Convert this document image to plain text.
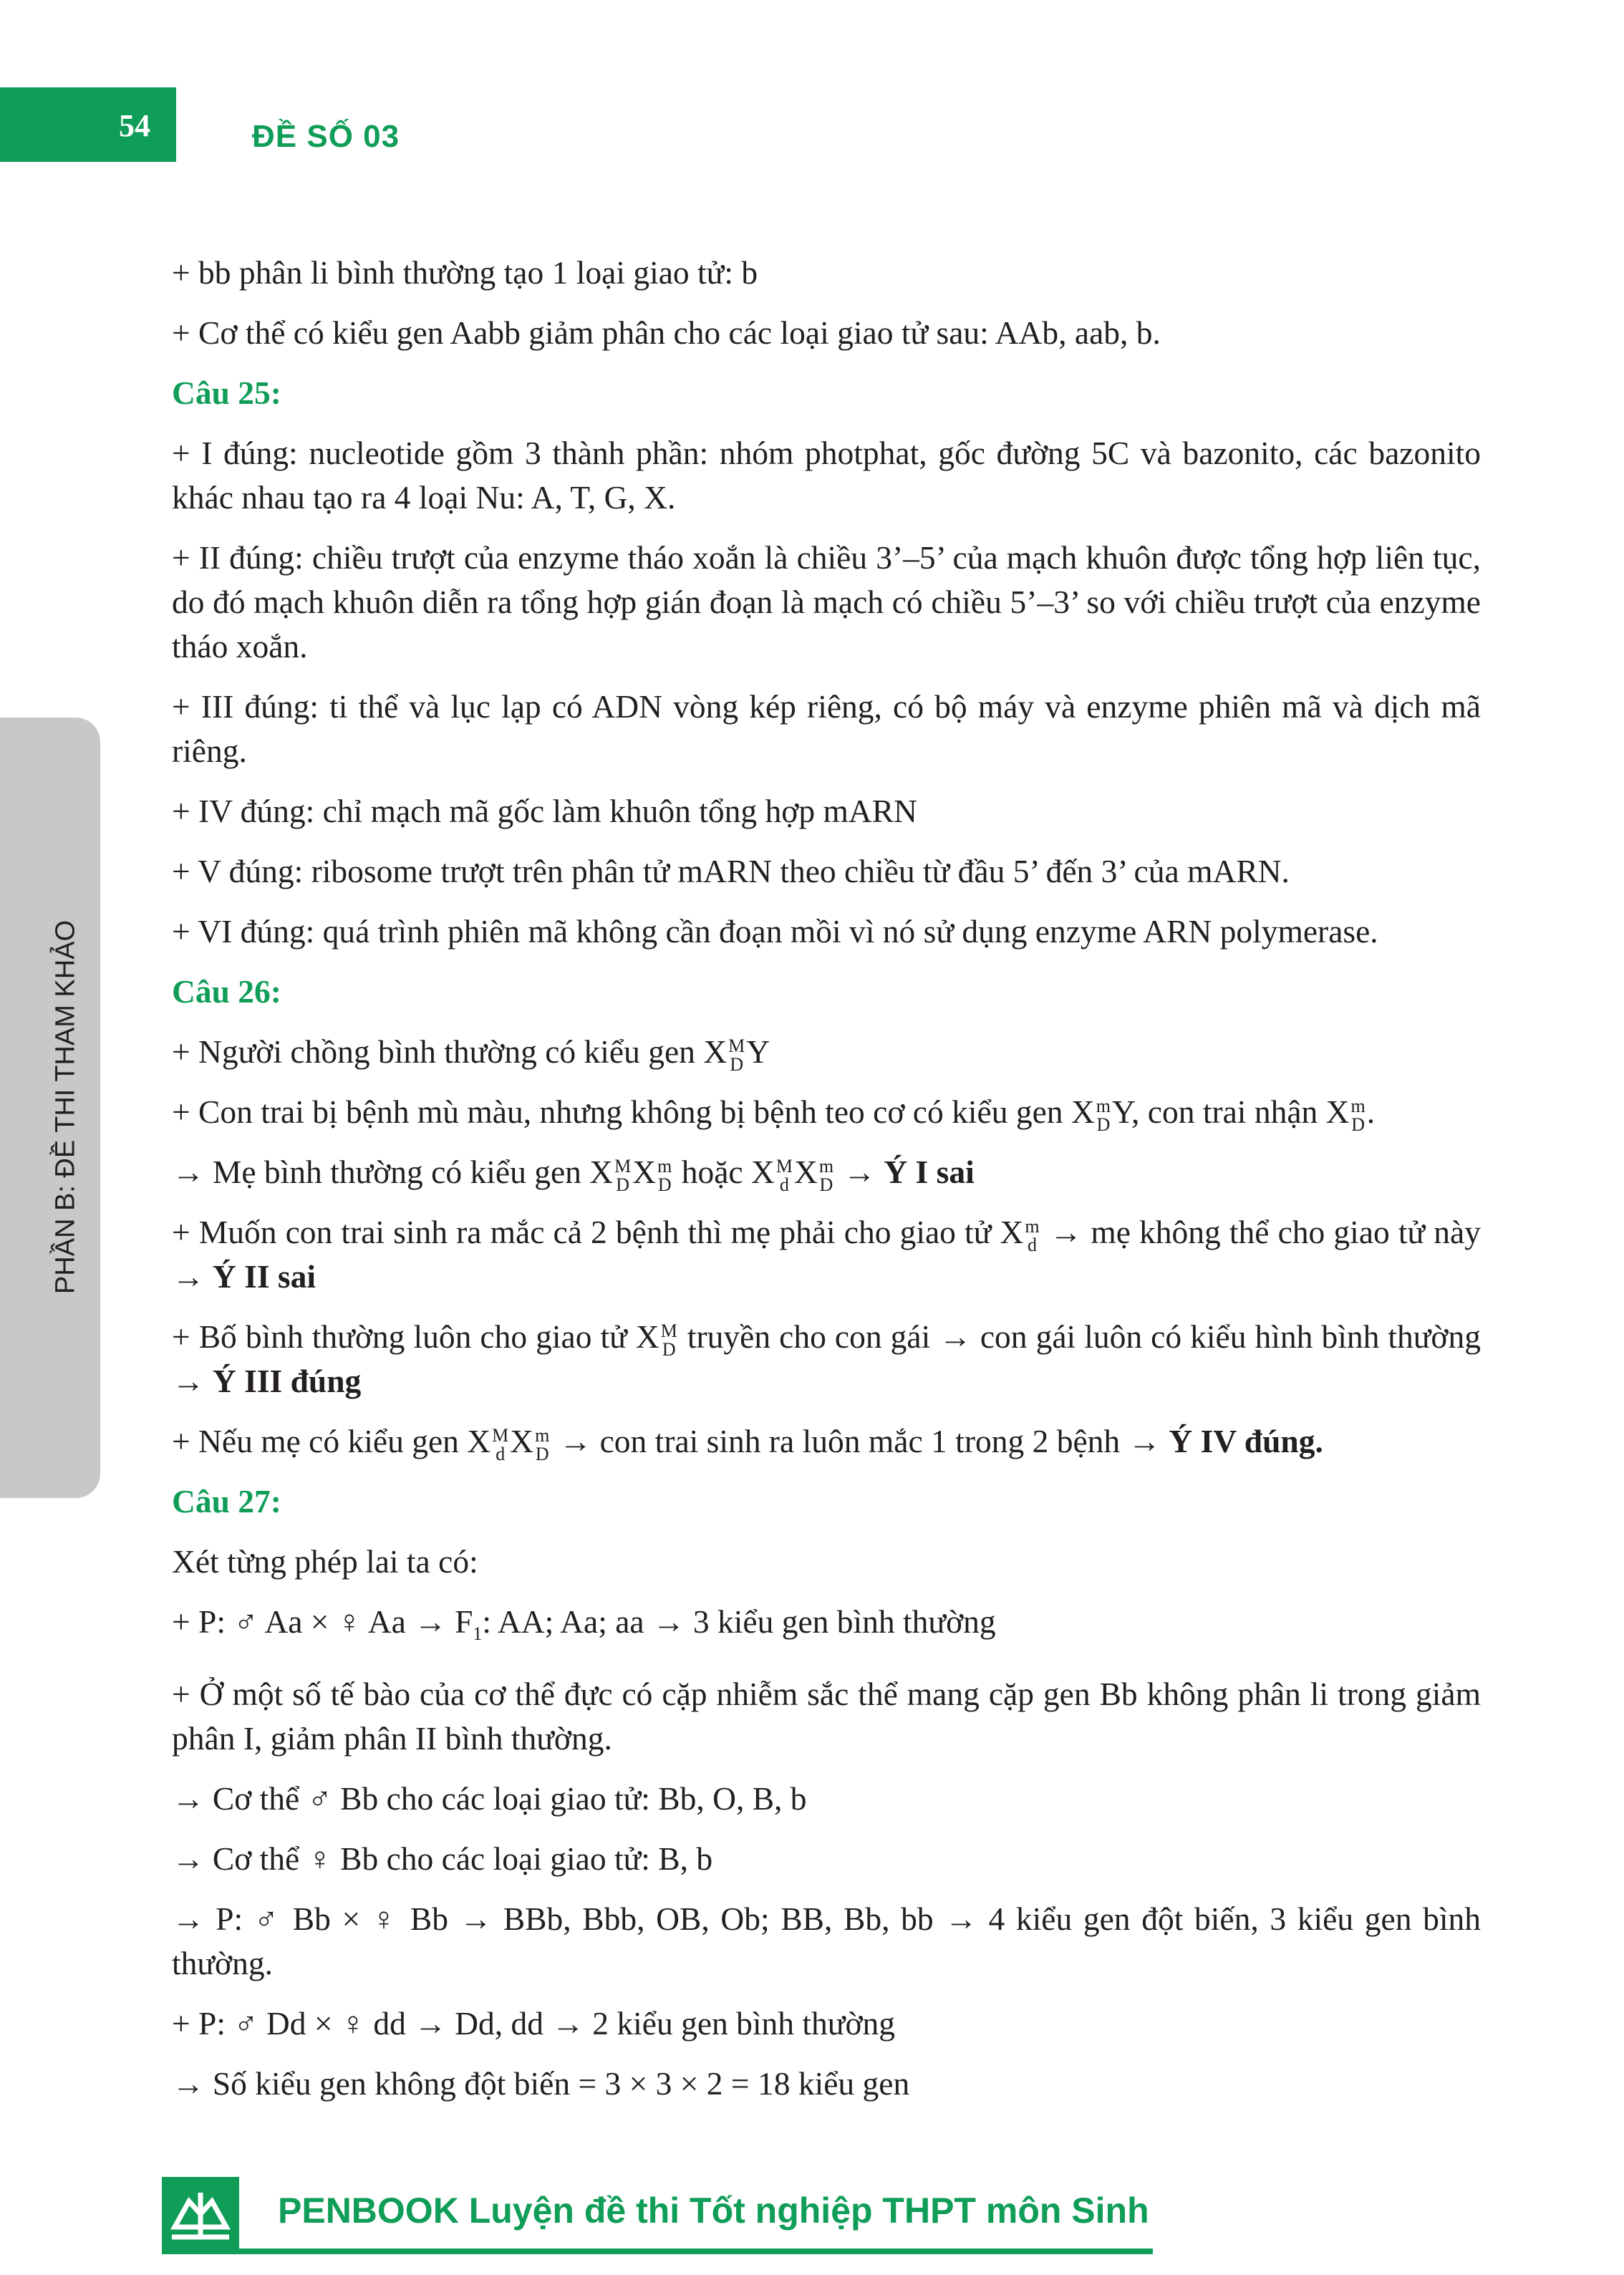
54	ĐỀ SỐ 03
PHẦN B: ĐỀ THI THAM KHẢO

+ bb phân li bình thường tạo 1 loại giao tử: b

+ Cơ thể có kiểu gen Aabb giảm phân cho các loại giao tử sau: AAb, aab, b.

Câu 25:

+ I đúng: nucleotide gồm 3 thành phần: nhóm photphat, gốc đường 5C và bazonito, các bazonito khác nhau tạo ra 4 loại Nu: A, T, G, X.

+ II đúng: chiều trượt của enzyme tháo xoắn là chiều 3’–5’ của mạch khuôn được tổng hợp liên tục, do đó mạch khuôn diễn ra tổng hợp gián đoạn là mạch có chiều 5’–3’ so với chiều trượt của enzyme tháo xoắn.

+ III đúng: ti thể và lục lạp có ADN vòng kép riêng, có bộ máy và enzyme phiên mã và dịch mã riêng.

+ IV đúng: chỉ mạch mã gốc làm khuôn tổng hợp mARN

+ V đúng: ribosome trượt trên phân tử mARN theo chiều từ đầu 5’ đến 3’ của mARN.

+ VI đúng: quá trình phiên mã không cần đoạn mồi vì nó sử dụng enzyme ARN polymerase.

Câu 26:

+ Người chồng bình thường có kiểu gen X M
D Y

+ Con trai bị bệnh mù màu, nhưng không bị bệnh teo cơ có kiểu gen X m
D Y, con trai nhận X m
D .

→ Mẹ bình thường có kiểu gen X M
D X m
D hoặc X M
d X m
D → Ý I sai

+ Muốn con trai sinh ra mắc cả 2 bệnh thì mẹ phải cho giao tử X m
d → mẹ không thể cho giao tử này → Ý II sai

+ Bố bình thường luôn cho giao tử X M
D truyền cho con gái → con gái luôn có kiểu hình bình thường → Ý III đúng

+ Nếu mẹ có kiểu gen X M
d X m
D → con trai sinh ra luôn mắc 1 trong 2 bệnh → Ý IV đúng.

Câu 27:

Xét từng phép lai ta có:

+ P: ♂ Aa × ♀ $Aa \to F_1$: AA; Aa; aa → 3 kiểu gen bình thường

+ Ở một số tế bào của cơ thể đực có cặp nhiễm sắc thể mang cặp gen Bb không phân li trong giảm phân I, giảm phân II bình thường.

→ Cơ thể ♂ Bb cho các loại giao tử: Bb, O, B, b

→ Cơ thể ♀ Bb cho các loại giao tử: B, b

→ P: ♂ Bb × ♀ Bb → BBb, Bbb, OB, Ob; BB, Bb, bb → 4 kiểu gen đột biến, 3 kiểu gen bình thường.

+ P: ♂ Dd × ♀ dd → Dd, dd → 2 kiểu gen bình thường

→ Số kiểu gen không đột biến = 3 × 3 × 2 = 18 kiểu gen

PENBOOK Luyện đề thi Tốt nghiệp THPT môn Sinh
